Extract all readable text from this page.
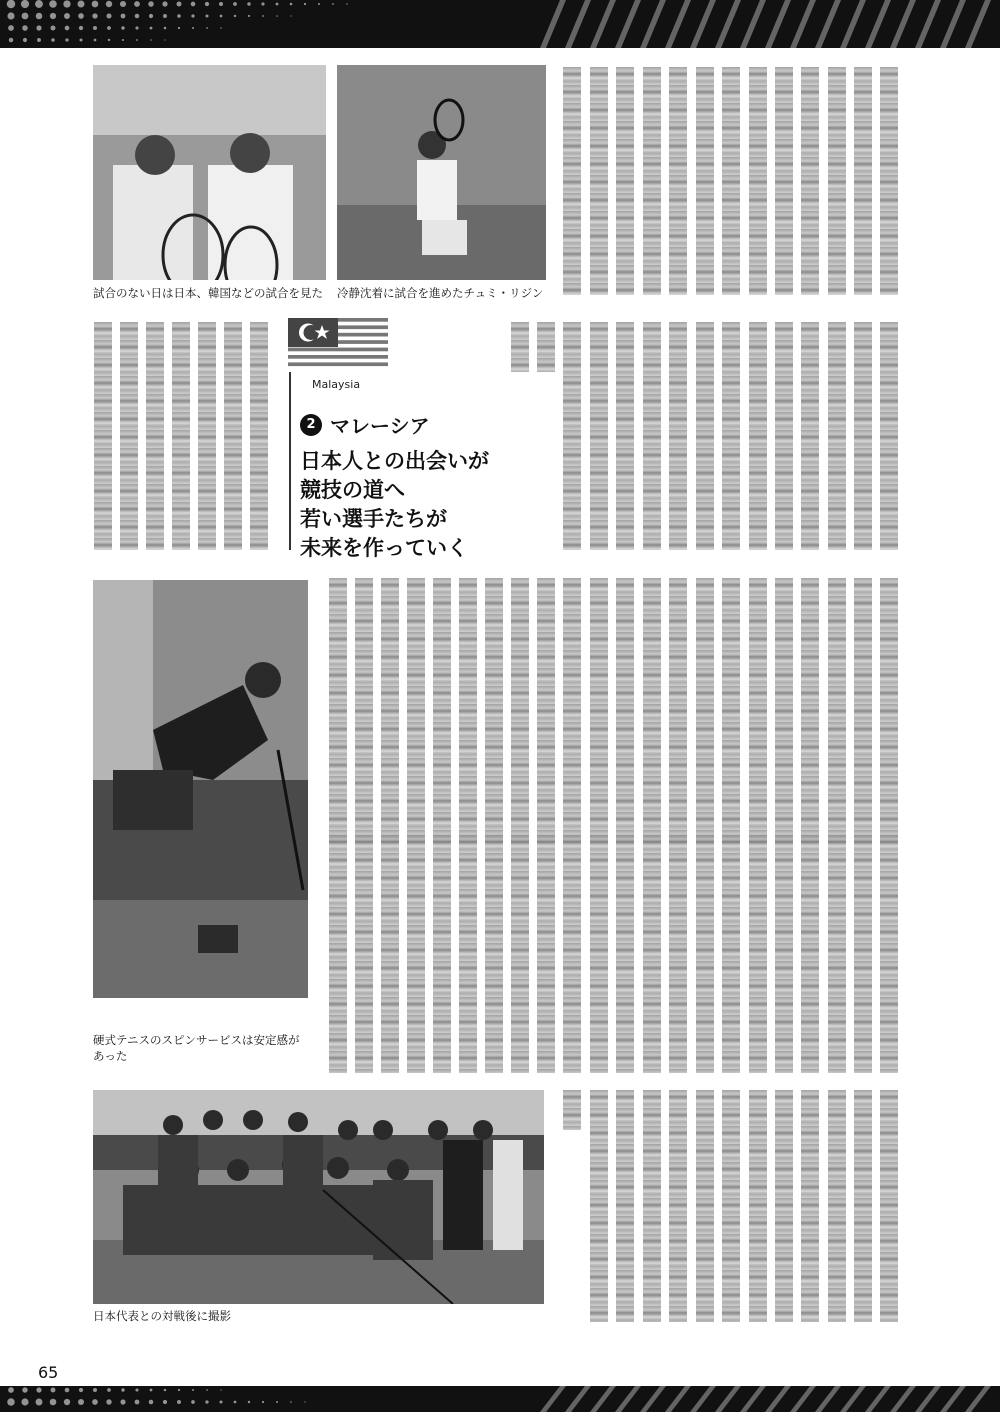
試合のない日は日本、韓国などの試合を見た 冷静沈着に試合を進めたチュミ・リジン
Malaysia
2 マレーシア
日本人との出会いが
競技の道へ
若い選手たちが
未来を作っていく
硬式テニスのスピンサービスは安定感があった
日本代表との対戦後に撮影
65
